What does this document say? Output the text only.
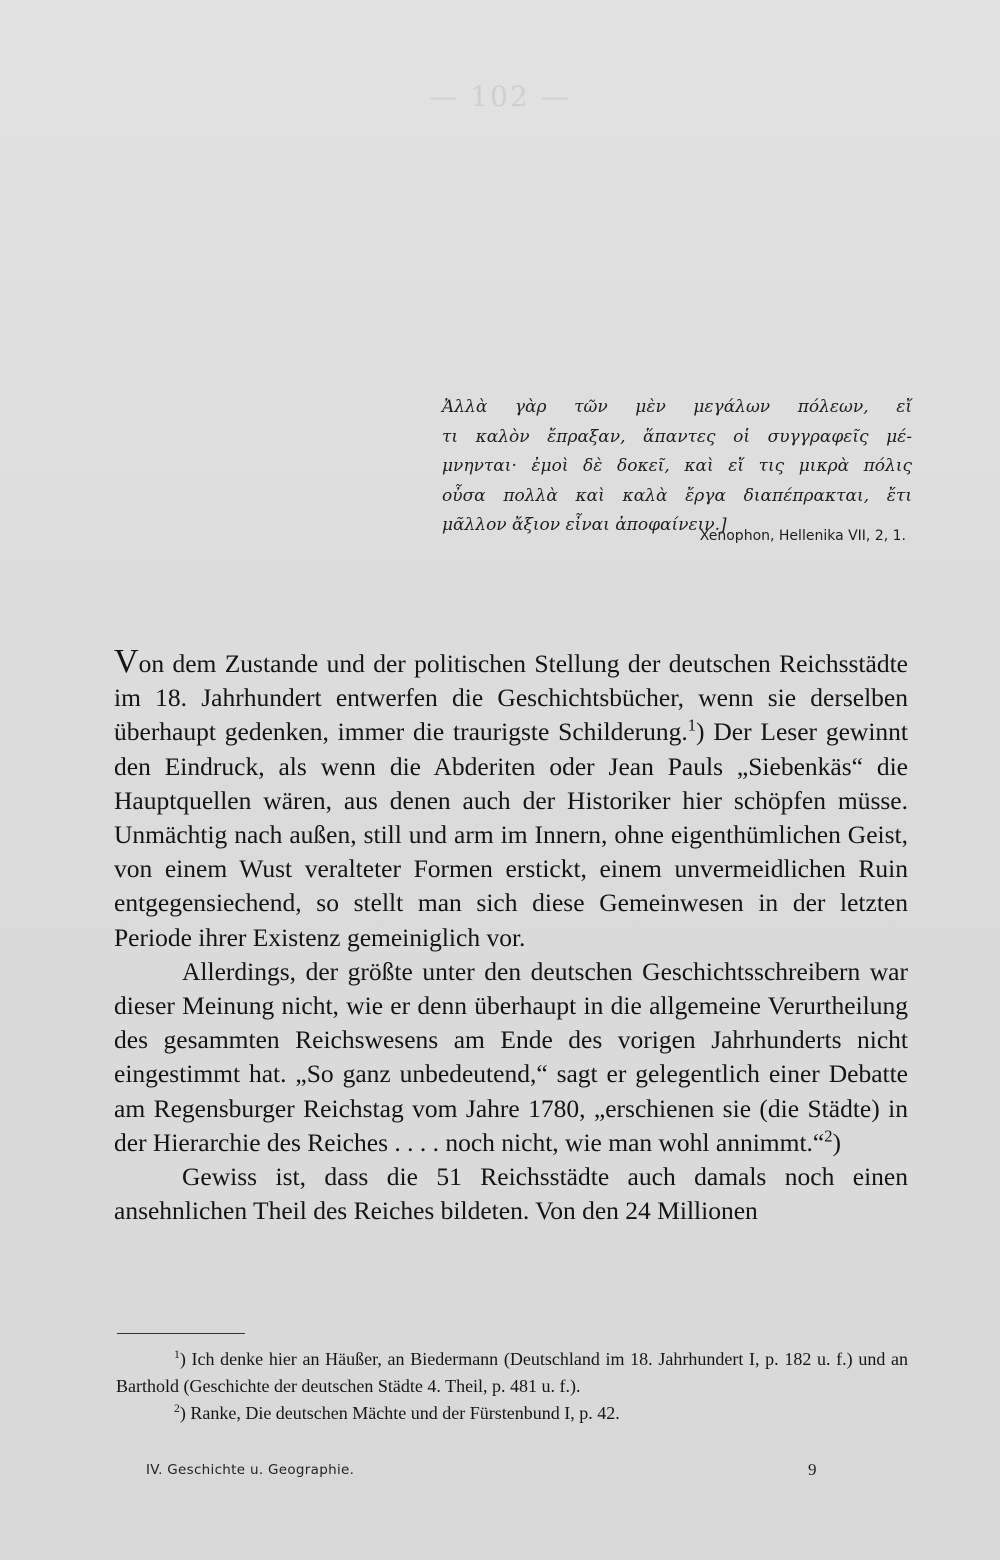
— 102 —
Ἀλλὰ γὰρ τῶν μὲν μεγάλων πόλεων, εἴ
τι καλὸν ἔπραξαν, ἅπαντες οἱ συγγραφεῖς μέ-
μνηνται· ἐμοὶ δὲ δοκεῖ, καὶ εἴ τις μικρὰ πόλις
οὖσα πολλὰ καὶ καλὰ ἔργα διαπέπρακται, ἔτι
μᾶλλον ἄξιον εἶναι ἀποφαίνειν.]
Xenophon, Hellenika VII, 2, 1.

Von dem Zustande und der politischen Stellung der deutschen Reichsstädte im 18. Jahrhundert entwerfen die Geschichtsbücher, wenn sie derselben überhaupt gedenken, immer die traurigste Schilderung.$^1$) Der Leser gewinnt den Eindruck, als wenn die Abderiten oder Jean Pauls „Siebenkäs“ die Hauptquellen wären, aus denen auch der Historiker hier schöpfen müsse. Unmächtig nach außen, still und arm im Innern, ohne eigenthümlichen Geist, von einem Wust veralteter Formen erstickt, einem unvermeidlichen Ruin entgegensiechend, so stellt man sich diese Gemeinwesen in der letzten Periode ihrer Existenz gemeiniglich vor.

Allerdings, der größte unter den deutschen Geschichtsschreibern war dieser Meinung nicht, wie er denn überhaupt in die allgemeine Verurtheilung des gesammten Reichswesens am Ende des vorigen Jahrhunderts nicht eingestimmt hat. „So ganz unbedeutend,“ sagt er gelegentlich einer Debatte am Regensburger Reichstag vom Jahre 1780, „erschienen sie (die Städte) in der Hierarchie des Reiches . . . . noch nicht, wie man wohl annimmt.“$^2$)

Gewiss ist, dass die 51 Reichsstädte auch damals noch einen ansehnlichen Theil des Reiches bildeten. Von den 24 Millionen

$^1$) Ich denke hier an Häußer, an Biedermann (Deutschland im 18. Jahrhundert I, p. 182 u. f.) und an Barthold (Geschichte der deutschen Städte 4. Theil, p. 481 u. f.).

$^2$) Ranke, Die deutschen Mächte und der Fürstenbund I, p. 42.

IV. Geschichte u. Geographie.	9
